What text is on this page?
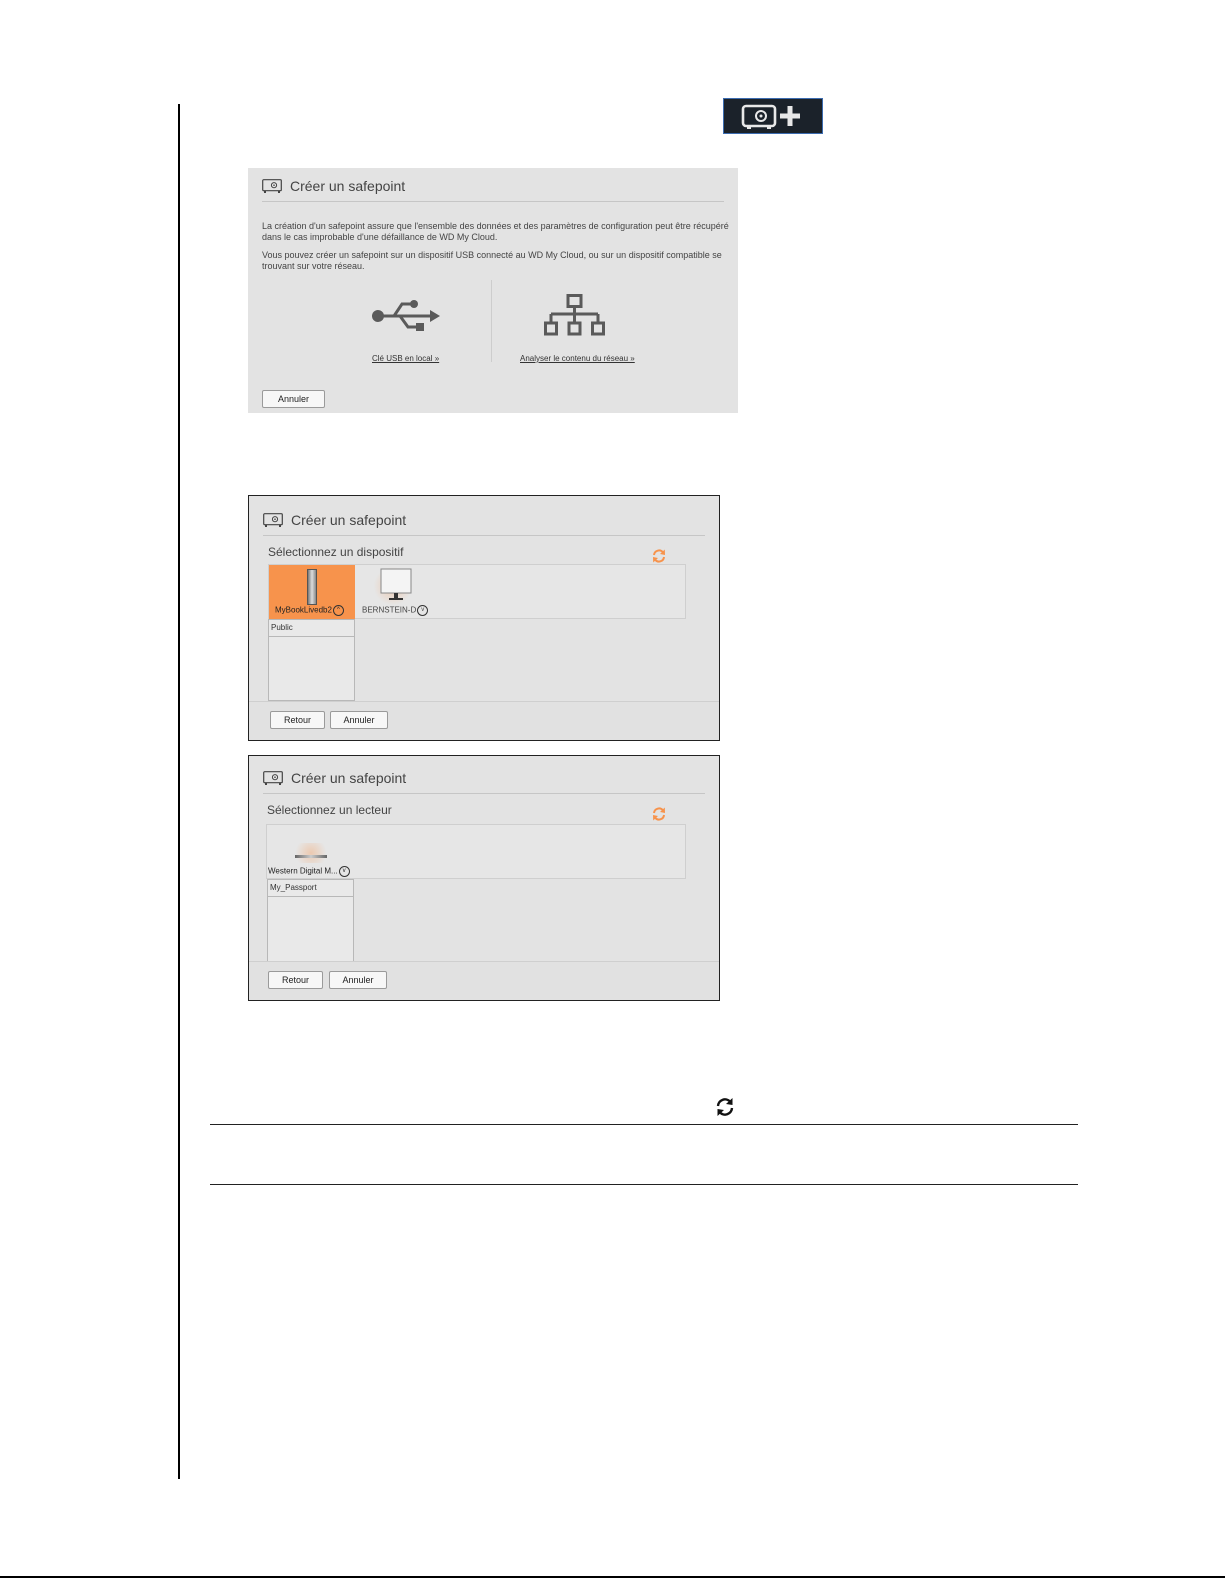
Créer un safepoint
La création d'un safepoint assure que l'ensemble des données et des paramètres de configuration peut être récupéré
dans le cas improbable d'une défaillance de WD My Cloud.
Vous pouvez créer un safepoint sur un dispositif USB connecté au WD My Cloud, ou sur un dispositif compatible se
trouvant sur votre réseau.
Clé USB en local »	Analyser le contenu du réseau »
Annuler
Créer un safepoint
Sélectionnez un dispositif
MyBookLivedb2 ^	BERNSTEIN-D v
Public
Retour	Annuler
Créer un safepoint
Sélectionnez un lecteur
Western Digital M... v
My_Passport
Retour	Annuler
